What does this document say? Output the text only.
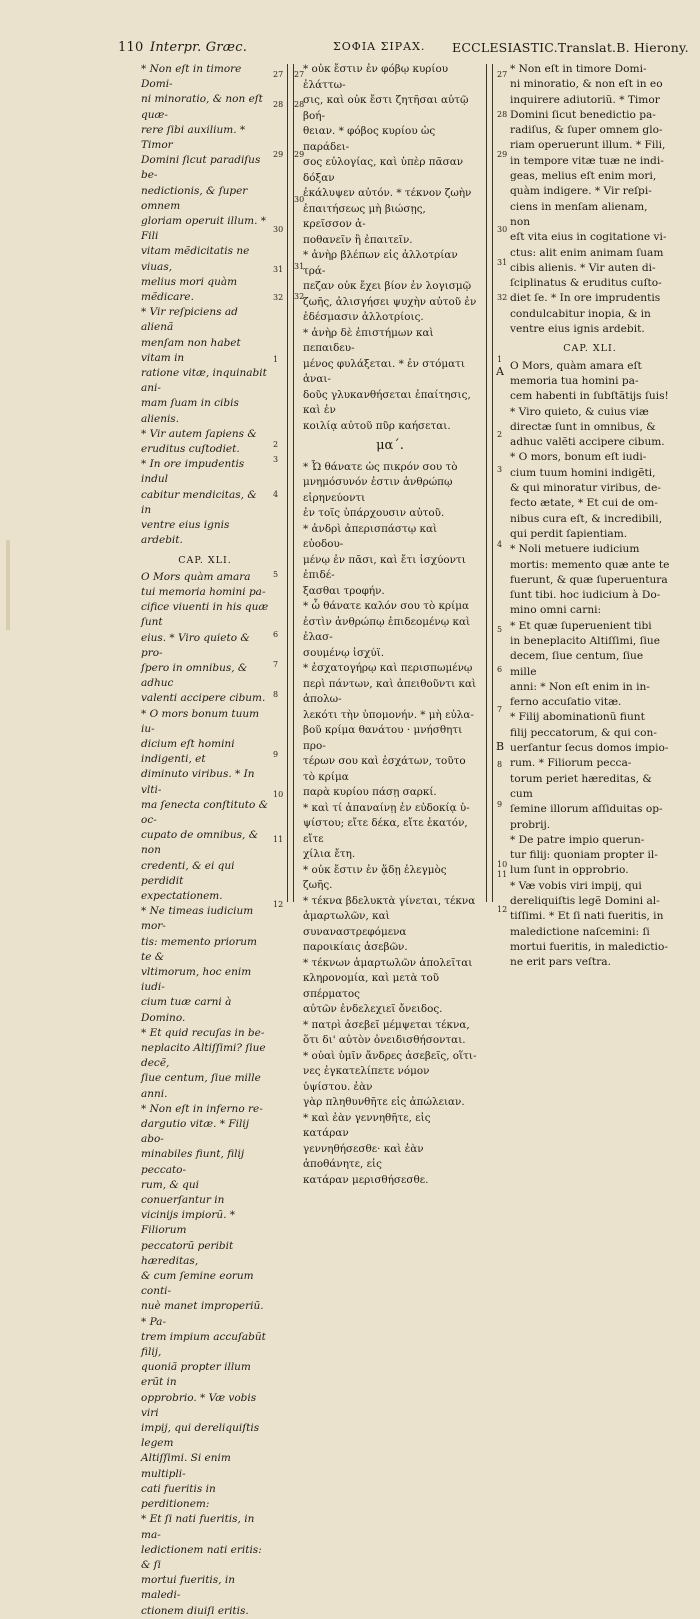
110 Interpr. Græc.	ΣΟΦΙΑ ΣΙΡΑΧ. ECCLESIASTIC.Translat.B. Hierony.

* Non eſt in timore Domi-

ni minoratio, & non eſt quæ-

rere ſibi auxilium. * Timor

Domini ſicut paradiſus be-

nedictionis, & ſuper omnem

gloriam operuit illum. * Fili

vitam mẽdicitatis ne viuas,

melius mori quàm mẽdicare.

* Vir reſpiciens ad alienã

menſam non habet vitam in

ratione vitæ, inquinabit ani-

mam ſuam in cibis alienis.

* Vir autem ſapiens &

eruditus cuſtodiet.

* In ore impudentis indul

cabitur mendicitas, & in

ventre eius ignis ardebit.

CAP. XLI.

O Mors quàm amara

tui memoria homini pa-

cifice viuenti in his quæ ſunt

eius. * Viro quieto & pro-

ſpero in omnibus, & adhuc

valenti accipere cibum.

* O mors bonum tuum iu-

dicium eſt homini indigenti, et

diminuto viribus. * In vlti-

ma ſenecta conſtituto & oc-

cupato de omnibus, & non

credenti, & ei qui perdidit

expectationem.

* Ne timeas iudicium mor-

tis: memento priorum te &

vltimorum, hoc enim iudi-

cium tuæ carni à Domino.

* Et quid recuſas in be-

neplacito Altiſſimi? ſiue decẽ,

ſiue centum, ſiue mille anni.

* Non eſt in inferno re-

dargutio vitæ. * Filij abo-

minabiles fiunt, filij peccato-

rum, & qui conuerſantur in

vicinijs impiorũ. * Filiorum

peccatorũ peribit hæreditas,

& cum ſemine eorum conti-

nuè manet improperiũ. * Pa-

trem impium accuſabũt filij,

quoniã propter illum erũt in

opprobrio. * Væ vobis viri

impij, qui dereliquiſtis legem

Altiſſimi. Si enim multipli-

cati fueritis in perditionem:

* Et ſi nati fueritis, in ma-

ledictionem nati eritis: & ſi

mortui fueritis, in maledi-

ctionem diuiſi eritis.

* οὐκ ἔστιν ἐν φόβῳ κυρίου ἐλάττω-

σις, καὶ οὐκ ἔστι ζητῆσαι αὐτῷ βοή-

θειαν. * φόβος κυρίου ὡς παράδει-

σος εὐλογίας, καὶ ὑπὲρ πᾶσαν δόξαν

ἐκάλυψεν αὐτόν. * τέκνον ζωὴν

ἐπαιτήσεως μὴ βιώσῃς, κρεῖσσον ἀ-

ποθανεῖν ἢ ἐπαιτεῖν.

* ἀνὴρ βλέπων εἰς ἀλλοτρίαν τρά-

πεζαν οὐκ ἔχει βίον ἐν λογισμῷ

ζωῆς, ἀλισγήσει ψυχὴν αὐτοῦ ἐν

ἐδέσμασιν ἀλλοτρίοις.

* ἀνὴρ δὲ ἐπιστήμων καὶ πεπαιδευ-

μένος φυλάξεται. * ἐν στόματι ἀναι-

δοῦς γλυκανθήσεται ἐπαίτησις, καὶ ἐν

κοιλίᾳ αὐτοῦ πῦρ καήσεται.

μα΄.

* Ὦ θάνατε ὡς πικρόν σου τὸ

μνημόσυνόν ἐστιν ἀνθρώπῳ εἰρηνεύοντι

ἐν τοῖς ὑπάρχουσιν αὐτοῦ.

* ἀνδρὶ ἀπερισπάστῳ καὶ εὐοδου-

μένῳ ἐν πᾶσι, καὶ ἔτι ἰσχύοντι ἐπιδέ-

ξασθαι τροφήν.

* ὦ θάνατε καλόν σου τὸ κρίμα

ἐστὶν ἀνθρώπῳ ἐπιδεομένῳ καὶ ἐλασ-

σουμένῳ ἰσχύϊ.

* ἐσχατογήρῳ καὶ περισπωμένῳ

περὶ πάντων, καὶ ἀπειθοῦντι καὶ ἀπολω-

λεκότι τὴν ὑπομονήν. * μὴ εὐλα-

βοῦ κρίμα θανάτου · μνήσθητι προ-

τέρων σου καὶ ἐσχάτων, τοῦτο τὸ κρίμα

παρὰ κυρίου πάσῃ σαρκί.

* καὶ τί ἀπαναίνῃ ἐν εὐδοκίᾳ ὑ-

ψίστου; εἴτε δέκα, εἴτε ἑκατόν, εἴτε

χίλια ἔτη.

* οὐκ ἔστιν ἐν ᾅδῃ ἐλεγμὸς ζωῆς.

* τέκνα βδελυκτὰ γίνεται, τέκνα

ἁμαρτωλῶν, καὶ συναναστρεφόμενα

παροικίαις ἀσεβῶν.

* τέκνων ἁμαρτωλῶν ἀπολεῖται

κληρονομία, καὶ μετὰ τοῦ σπέρματος

αὐτῶν ἐνδελεχιεῖ ὄνειδος.

* πατρὶ ἀσεβεῖ μέμψεται τέκνα,

ὅτι δι' αὐτὸν ὀνειδισθήσονται.

* οὐαὶ ὑμῖν ἄνδρες ἀσεβεῖς, οἵτι-

νες ἐγκατελίπετε νόμον ὑψίστου. ἐὰν

γὰρ πληθυνθῆτε εἰς ἀπώλειαν.

* καὶ ἐὰν γεννηθῆτε, εἰς κατάραν

γεννηθήσεσθε· καὶ ἐὰν ἀποθάνητε, εἰς

κατάραν μερισθήσεσθε.

* Non eſt in timore Domi-

ni minoratio, & non eſt in eo

inquirere adiutoriũ. * Timor

Domini ſicut benedictio pa-

radiſus, & ſuper omnem glo-

riam operuerunt illum. * Fili,

in tempore vitæ tuæ ne indi-

geas, melius eſt enim mori,

quàm indigere. * Vir reſpi-

ciens in menſam alienam, non

eſt vita eius in cogitatione vi-

ctus: alit enim animam ſuam

cibis alienis. * Vir auten di-

ſciplinatus & eruditus cuſto-

diet ſe. * In ore imprudentis

condulcabitur inopia, & in

ventre eius ignis ardebit.

CAP. XLI.

O Mors, quàm amara eſt

memoria tua homini pa-

cem habenti in ſubſtãtijs ſuis!

* Viro quieto, & cuius viæ

directæ ſunt in omnibus, &

adhuc valẽti accipere cibum.

* O mors, bonum eſt iudi-

cium tuum homini indigẽti,

& qui minoratur viribus, de-

fecto ætate, * Et cui de om-

nibus cura eſt, & incredibili,

qui perdit ſapientiam.

* Noli metuere iudicium

mortis: memento quæ ante te

fuerunt, & quæ ſuperuentura

ſunt tibi. hoc iudicium à Do-

mino omni carni:

* Et quæ ſuperuenient tibi

in beneplacito Altiſſimi, ſiue

decem, ſiue centum, ſiue mille

anni: * Non eſt enim in in-

ferno accuſatio vitæ.

* Filij abominationũ fiunt

filij peccatorum, & qui con-

uerſantur ſecus domos impio-

rum. * Filiorum pecca-

torum periet hæreditas, & cum

ſemine illorum aſſiduitas op-

probrij.

* De patre impio querun-

tur filij: quoniam propter il-

lum ſunt in opprobrio.

* Væ vobis viri impij, qui

dereliquiſtis legẽ Domini al-

tiſſimi. * Et ſi nati fueritis, in

maledictione naſcemini: ſi

mortui fueritis, in maledictio-

ne erit pars veſtra.

27
28
29
30
31
32
1
2
3
4
5
6
7
8
9
10
11
12
27
28
29
30
31
32
27
28
29
30
31
32
1
2
3
4
5
6
7
8
9
10
11
12
A
B
